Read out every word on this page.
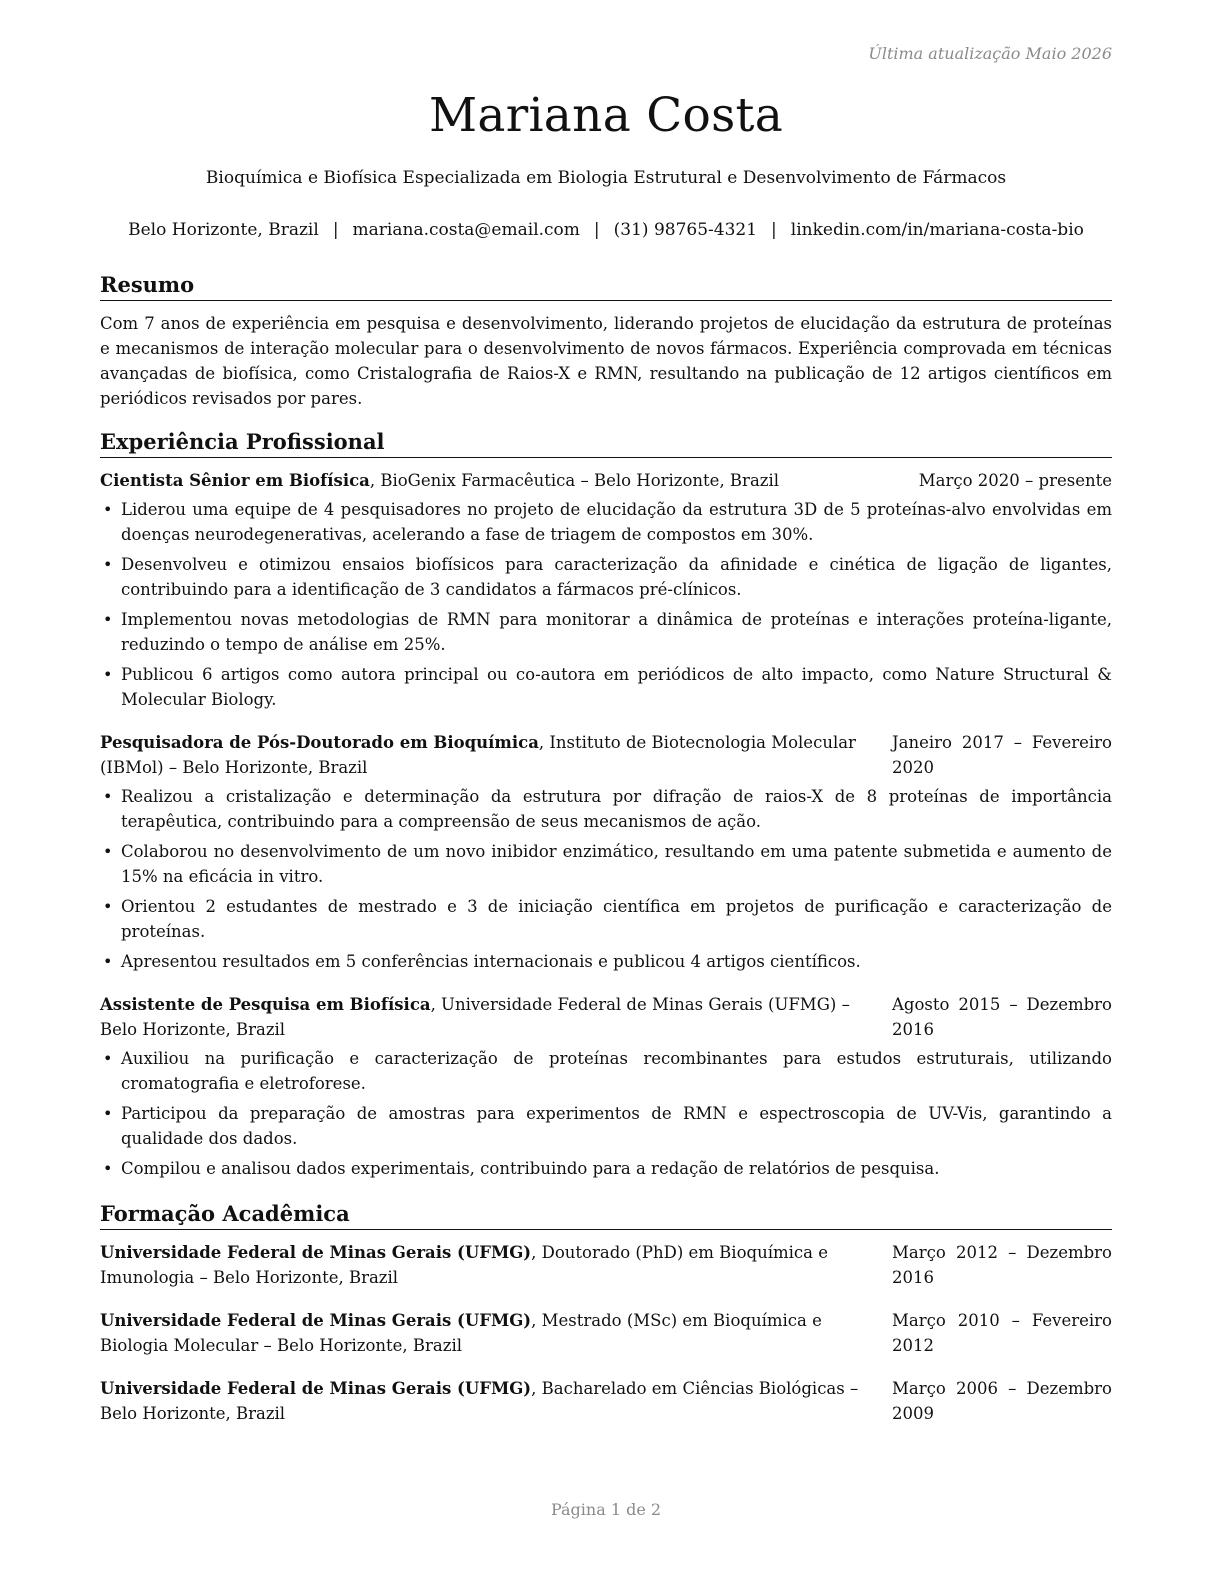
Última atualização Maio 2026
Mariana Costa
Bioquímica e Biofísica Especializada em Biologia Estrutural e Desenvolvimento de Fármacos
Belo Horizonte, Brazil | mariana.costa@email.com | (31) 98765-4321 | linkedin.com/in/mariana-costa-bio
Resumo

Com 7 anos de experiência em pesquisa e desenvolvimento, liderando projetos de elucidação da estrutura de proteínas e mecanismos de interação molecular para o desenvolvimento de novos fármacos. Experiência comprovada em técnicas avançadas de biofísica, como Cristalografia de Raios-X e RMN, resultando na publicação de 12 artigos científicos em periódicos revisados por pares.

Experiência Profissional
Cientista Sênior em Biofísica, BioGenix Farmacêutica – Belo Horizonte, Brazil	Março 2020 – presente
• Liderou uma equipe de 4 pesquisadores no projeto de elucidação da estrutura 3D de 5 proteínas-alvo envolvidas em doenças neurodegenerativas, acelerando a fase de triagem de compostos em 30%.
• Desenvolveu e otimizou ensaios biofísicos para caracterização da afinidade e cinética de ligação de ligantes, contribuindo para a identificação de 3 candidatos a fármacos pré-clínicos.
• Implementou novas metodologias de RMN para monitorar a dinâmica de proteínas e interações proteína-ligante, reduzindo o tempo de análise em 25%.
• Publicou 6 artigos como autora principal ou co-autora em periódicos de alto impacto, como Nature Structural & Molecular Biology.
Pesquisadora de Pós-Doutorado em Bioquímica, Instituto de Biotecnologia Molecular (IBMol) – Belo Horizonte, Brazil
Janeiro 2017 – Fevereiro 2020
• Realizou a cristalização e determinação da estrutura por difração de raios-X de 8 proteínas de importância terapêutica, contribuindo para a compreensão de seus mecanismos de ação.
• Colaborou no desenvolvimento de um novo inibidor enzimático, resultando em uma patente submetida e aumento de 15% na eficácia in vitro.
• Orientou 2 estudantes de mestrado e 3 de iniciação científica em projetos de purificação e caracterização de proteínas.
• Apresentou resultados em 5 conferências internacionais e publicou 4 artigos científicos.
Assistente de Pesquisa em Biofísica, Universidade Federal de Minas Gerais (UFMG) – Belo Horizonte, Brazil
Agosto 2015 – Dezembro 2016
• Auxiliou na purificação e caracterização de proteínas recombinantes para estudos estruturais, utilizando cromatografia e eletroforese.
• Participou da preparação de amostras para experimentos de RMN e espectroscopia de UV-Vis, garantindo a qualidade dos dados.
• Compilou e analisou dados experimentais, contribuindo para a redação de relatórios de pesquisa.
Formação Acadêmica
Universidade Federal de Minas Gerais (UFMG), Doutorado (PhD) em Bioquímica e Imunologia – Belo Horizonte, Brazil
Março 2012 – Dezembro 2016
Universidade Federal de Minas Gerais (UFMG), Mestrado (MSc) em Bioquímica e Biologia Molecular – Belo Horizonte, Brazil
Março 2010 – Fevereiro 2012
Universidade Federal de Minas Gerais (UFMG), Bacharelado em Ciências Biológicas – Belo Horizonte, Brazil
Março 2006 – Dezembro 2009
Página 1 de 2
